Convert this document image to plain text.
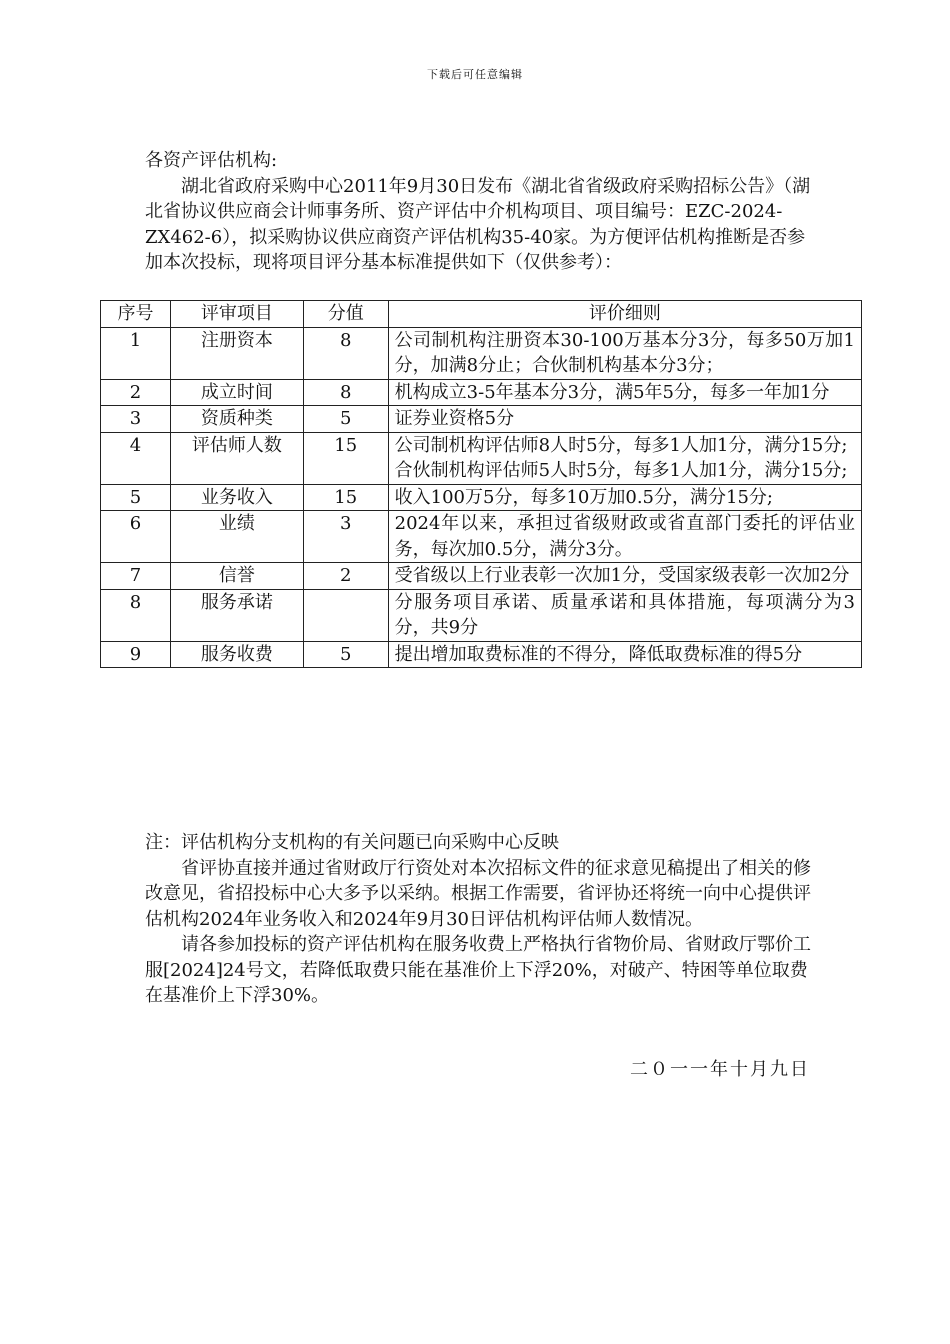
下载后可任意编辑

各资产评估机构:

湖北省政府采购中心2011年9月30日发布《湖北省省级政府采购招标公告》（湖北省协议供应商会计师事务所、资产评估中介机构项目、项目编号：EZC-2024-ZX462-6），拟采购协议供应商资产评估机构35-40家。为方便评估机构推断是否参加本次投标，现将项目评分基本标准提供如下（仅供参考）：

序号	评审项目	分值	评价细则
1	注册资本	8	公司制机构注册资本30-100万基本分3分，每多50万加1分，加满8分止；合伙制机构基本分3分；
2	成立时间	8	机构成立3-5年基本分3分，满5年5分，每多一年加1分
3	资质种类	5	证券业资格5分
4	评估师人数	15	公司制机构评估师8人时5分，每多1人加1分，满分15分;
合伙制机构评估师5人时5分，每多1人加1分，满分15分;

5	业务收入	15	收入100万5分，每多10万加0.5分，满分15分;
6	业绩	3	2024年以来，承担过省级财政或省直部门委托的评估业务，每次加0.5分，满分3分。
7	信誉	2	受省级以上行业表彰一次加1分，受国家级表彰一次加2分
8	服务承诺		分服务项目承诺、质量承诺和具体措施，每项满分为3分，共9分
9	服务收费	5	提出增加取费标准的不得分，降低取费标准的得5分

注：评估机构分支机构的有关问题已向采购中心反映

省评协直接并通过省财政厅行资处对本次招标文件的征求意见稿提出了相关的修改意见，省招投标中心大多予以采纳。根据工作需要，省评协还将统一向中心提供评估机构2024年业务收入和2024年9月30日评估机构评估师人数情况。

请各参加投标的资产评估机构在服务收费上严格执行省物价局、省财政厅鄂价工服[2024]24号文，若降低取费只能在基准价上下浮20%，对破产、特困等单位取费在基准价上下浮30%。

二０一一年十月九日
